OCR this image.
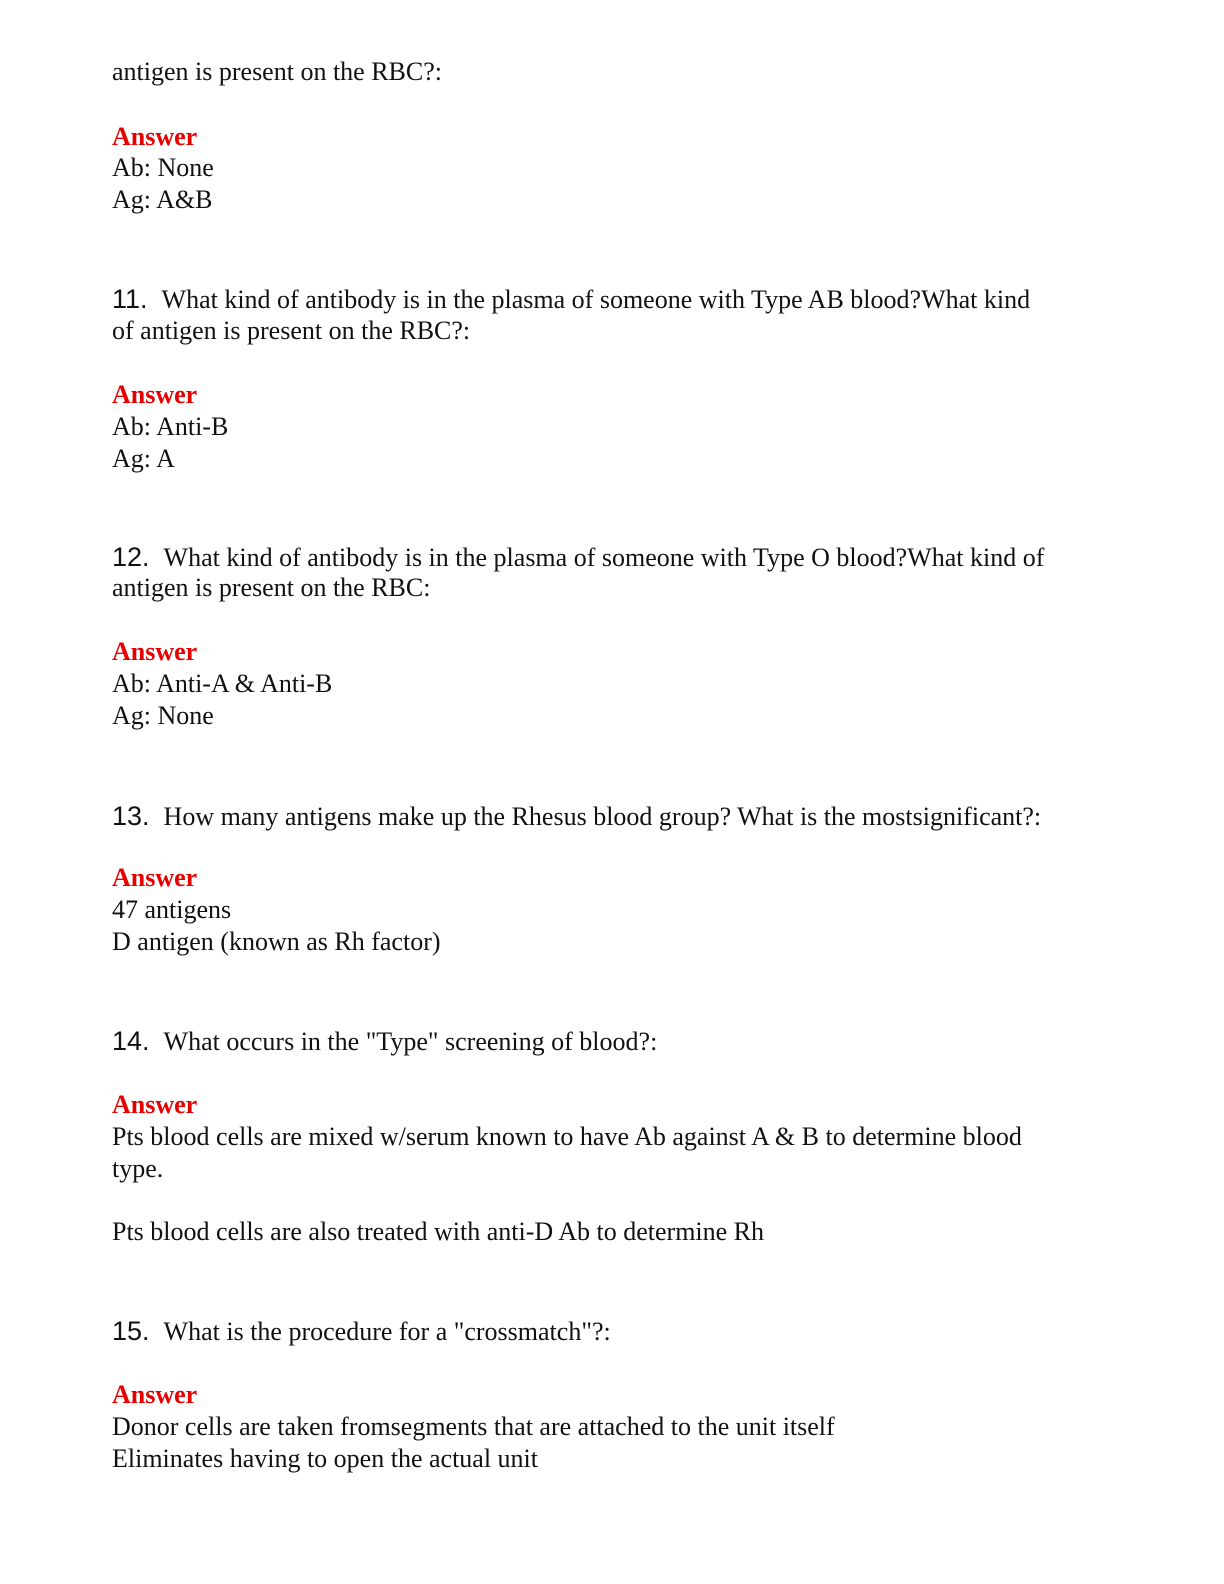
antigen is present on the RBC?:
Answer
Ab: None
Ag: A&B
11. What kind of antibody is in the plasma of someone with Type AB blood?What kind
of antigen is present on the RBC?:
Answer
Ab: Anti-B
Ag: A
12. What kind of antibody is in the plasma of someone with Type O blood?What kind of
antigen is present on the RBC:
Answer
Ab: Anti-A & Anti-B
Ag: None
13. How many antigens make up the Rhesus blood group? What is the mostsignificant?:
Answer
47 antigens
D antigen (known as Rh factor)
14. What occurs in the "Type" screening of blood?:
Answer
Pts blood cells are mixed w/serum known to have Ab against A & B to determine blood
type.
Pts blood cells are also treated with anti-D Ab to determine Rh
15. What is the procedure for a "crossmatch"?:
Answer
Donor cells are taken fromsegments that are attached to the unit itself
Eliminates having to open the actual unit
